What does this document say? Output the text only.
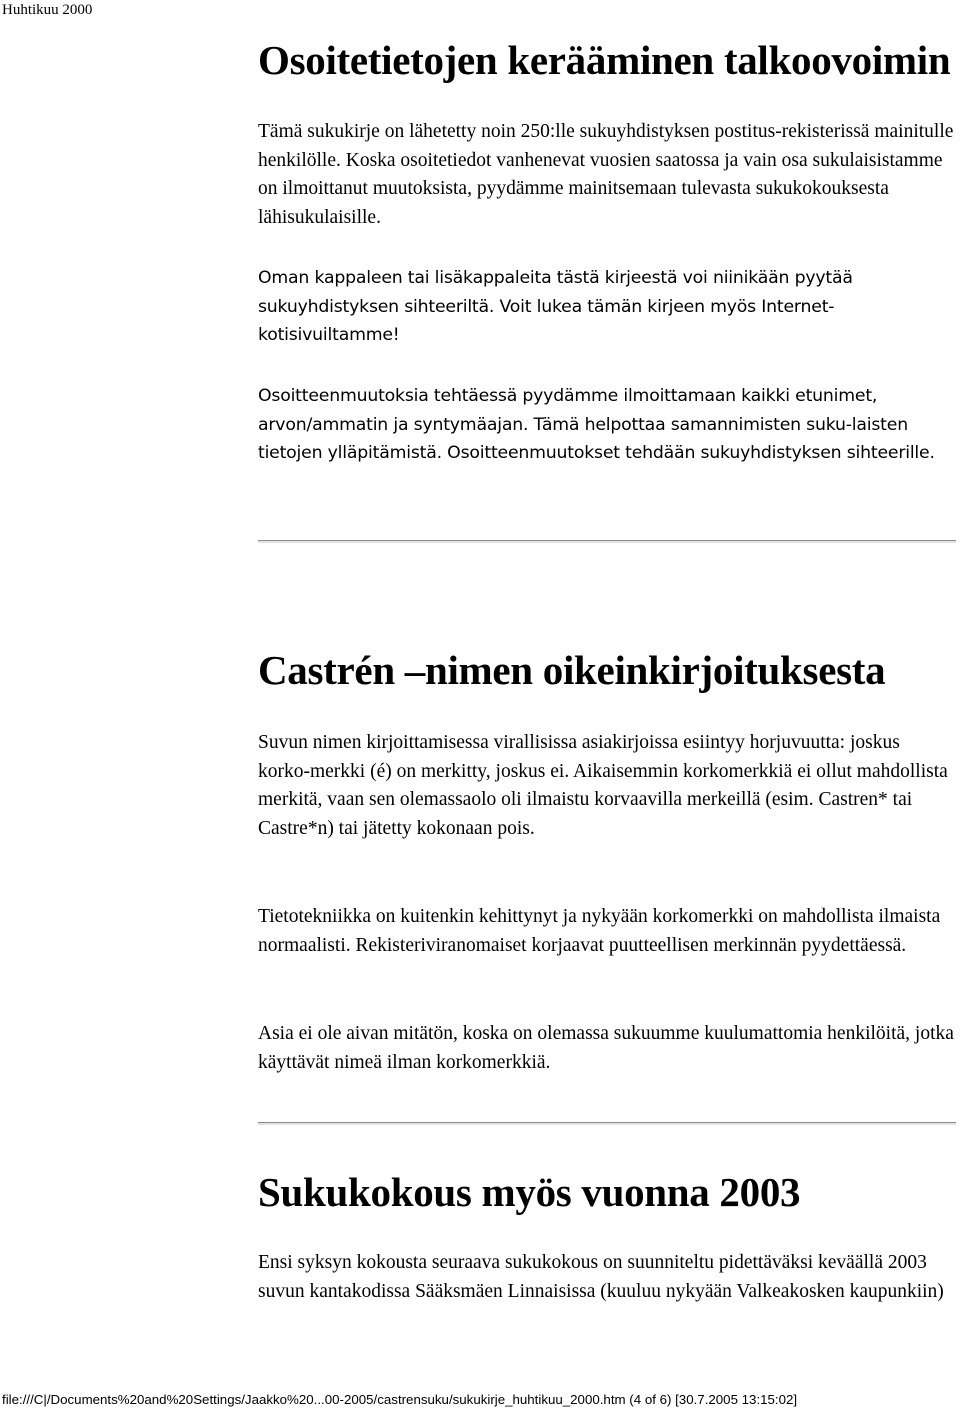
Huhtikuu 2000
Osoitetietojen kerääminen talkoovoimin

Tämä sukukirje on lähetetty noin 250:lle sukuyhdistyksen postitus-rekisterissä mainitulle henkilölle. Koska osoitetiedot vanhenevat vuosien saatossa ja vain osa sukulaisistamme on ilmoittanut muutoksista, pyydämme mainitsemaan tulevasta sukukokouksesta lähisukulaisille.

Oman kappaleen tai lisäkappaleita tästä kirjeestä voi niinikään pyytää sukuyhdistyksen sihteeriltä. Voit lukea tämän kirjeen myös Internet-kotisivuiltamme!

Osoitteenmuutoksia tehtäessä pyydämme ilmoittamaan kaikki etunimet, arvon/ammatin ja syntymäajan. Tämä helpottaa samannimisten suku-laisten tietojen ylläpitämistä. Osoitteenmuutokset tehdään sukuyhdistyksen sihteerille.

Castrén –nimen oikeinkirjoituksesta

Suvun nimen kirjoittamisessa virallisissa asiakirjoissa esiintyy horjuvuutta: joskus korko-merkki (é) on merkitty, joskus ei. Aikaisemmin korkomerkkiä ei ollut mahdollista merkitä, vaan sen olemassaolo oli ilmaistu korvaavilla merkeillä (esim. Castren* tai Castre*n) tai jätetty kokonaan pois.

Tietotekniikka on kuitenkin kehittynyt ja nykyään korkomerkki on mahdollista ilmaista normaalisti. Rekisteriviranomaiset korjaavat puutteellisen merkinnän pyydettäessä.

Asia ei ole aivan mitätön, koska on olemassa sukuumme kuulumattomia henkilöitä, jotka käyttävät nimeä ilman korkomerkkiä.

Sukukokous myös vuonna 2003

Ensi syksyn kokousta seuraava sukukokous on suunniteltu pidettäväksi keväällä 2003 suvun kantakodissa Sääksmäen Linnaisissa (kuuluu nykyään Valkeakosken kaupunkiin)

file:///C|/Documents%20and%20Settings/Jaakko%20...00-2005/castrensuku/sukukirje_huhtikuu_2000.htm (4 of 6) [30.7.2005 13:15:02]
